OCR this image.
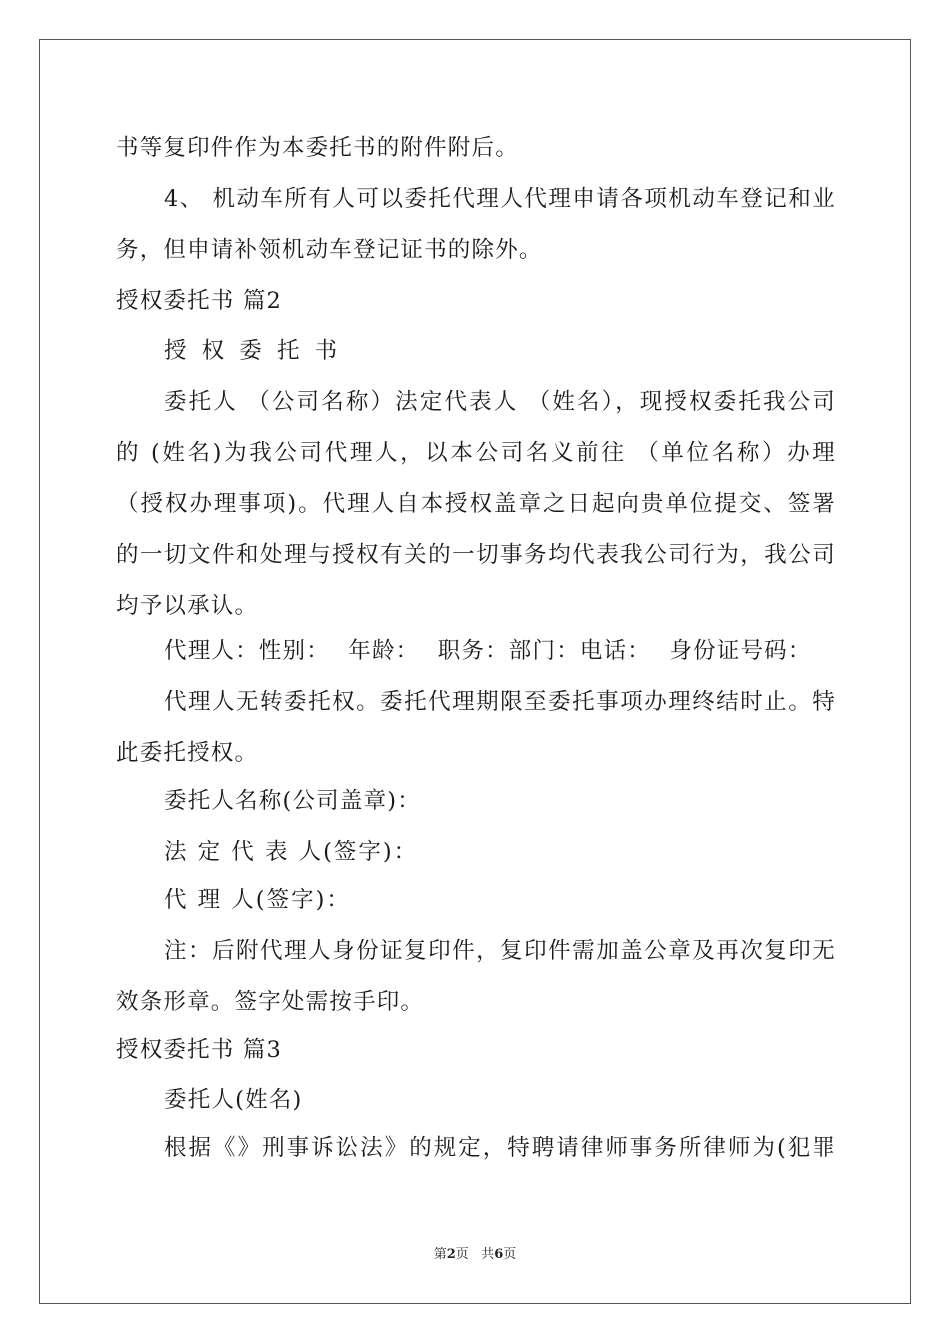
书等复印件作为本委托书的附件附后。
4、 机动车所有人可以委托代理人代理申请各项机动车登记和业
务，但申请补领机动车登记证书的除外。
授权委托书 篇2
授 权 委 托 书
委托人 （公司名称）法定代表人 （姓名），现授权委托我公司
的 (姓名)为我公司代理人，以本公司名义前往 （单位名称）办理
（授权办理事项)。代理人自本授权盖章之日起向贵单位提交、签署
的一切文件和处理与授权有关的一切事务均代表我公司行为，我公司
均予以承认。
代理人：性别： 年龄： 职务：部门：电话： 身份证号码：
代理人无转委托权。委托代理期限至委托事项办理终结时止。特
此委托授权。
委托人名称(公司盖章)：
法 定 代 表 人(签字)：
代 理 人(签字)：
注：后附代理人身份证复印件，复印件需加盖公章及再次复印无
效条形章。签字处需按手印。
授权委托书 篇3
委托人(姓名)
根据《》刑事诉讼法》的规定，特聘请律师事务所律师为(犯罪
第2页   共6页
